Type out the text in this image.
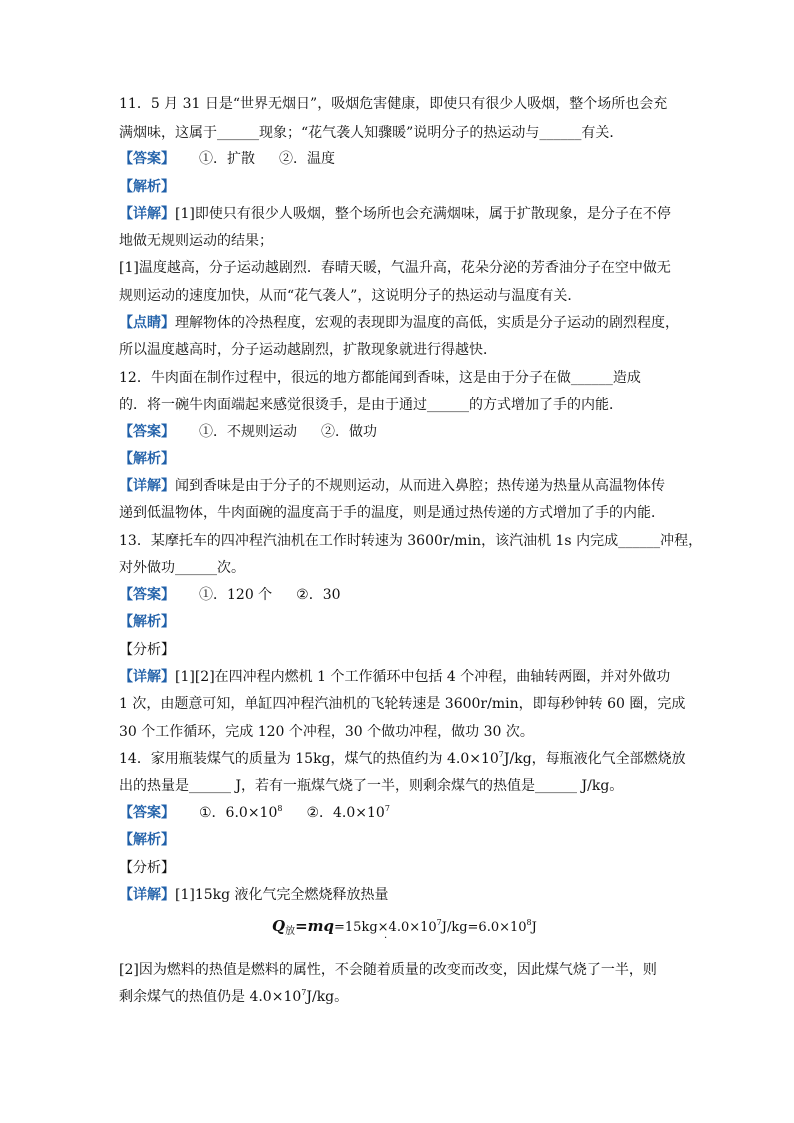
11．5 月 31 日是“世界无烟日”，吸烟危害健康，即使只有很少人吸烟，整个场所也会充
满烟味，这属于______现象；“花气袭人知骤暖”说明分子的热运动与______有关．
【答案】 ①．扩散 ②．温度
【解析】
【详解】[1]即使只有很少人吸烟，整个场所也会充满烟味，属于扩散现象，是分子在不停
地做无规则运动的结果；
[1]温度越高，分子运动越剧烈．春晴天暖，气温升高，花朵分泌的芳香油分子在空中做无
规则运动的速度加快，从而“花气袭人”，这说明分子的热运动与温度有关．
【点睛】理解物体的冷热程度，宏观的表现即为温度的高低，实质是分子运动的剧烈程度，
所以温度越高时，分子运动越剧烈，扩散现象就进行得越快．
12．牛肉面在制作过程中，很远的地方都能闻到香味，这是由于分子在做______造成
的．将一碗牛肉面端起来感觉很烫手，是由于通过______的方式增加了手的内能．
【答案】 ①．不规则运动 ②．做功
【解析】
【详解】闻到香味是由于分子的不规则运动，从而进入鼻腔；热传递为热量从高温物体传
递到低温物体，牛肉面碗的温度高于手的温度，则是通过热传递的方式增加了手的内能．
13．某摩托车的四冲程汽油机在工作时转速为 3600r/min，该汽油机 1s 内完成______冲程，
对外做功______次。
【答案】 ①．120 个 ②．30
【解析】
【分析】
【详解】[1][2]在四冲程内燃机 1 个工作循环中包括 4 个冲程，曲轴转两圈，并对外做功
1 次，由题意可知，单缸四冲程汽油机的飞轮转速是 3600r/min，即每秒钟转 60 圈，完成
30 个工作循环，完成 120 个冲程，30 个做功冲程，做功 30 次。
14．家用瓶装煤气的质量为 15kg，煤气的热值约为 $4.0\times 10^7J/kg$，每瓶液化气全部燃烧放
出的热量是______ J，若有一瓶煤气烧了一半，则剩余煤气的热值是______ J/kg。
【答案】 ①．$6.0\times 10^8$ ②．$4.0\times 10^7$
【解析】
【分析】
【详解】[1]15kg 液化气完全燃烧释放热量
$Q_放=mq=15kg\times 4.0\times 10^7J/kg=6.0\times 10^8J$
·
[2]因为燃料的热值是燃料的属性，不会随着质量的改变而改变，因此煤气烧了一半，则
剩余煤气的热值仍是 $4.0\times 10^7J/kg$。
